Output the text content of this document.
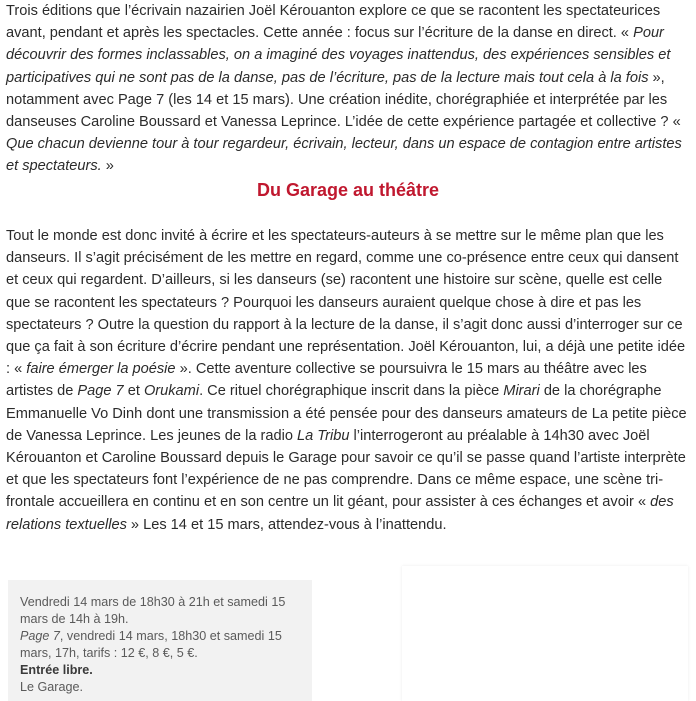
Trois éditions que l’écrivain nazairien Joël Kérouanton explore ce que se racontent les spectateurices avant, pendant et après les spectacles. Cette année : focus sur l’écriture de la danse en direct. « Pour découvrir des formes inclassables, on a imaginé des voyages inattendus, des expériences sensibles et participatives qui ne sont pas de la danse, pas de l’écriture, pas de la lecture mais tout cela à la fois », notamment avec Page 7 (les 14 et 15 mars). Une création inédite, chorégraphiée et interprétée par les danseuses Caroline Boussard et Vanessa Leprince. L’idée de cette expérience partagée et collective ? « Que chacun devienne tour à tour regardeur, écrivain, lecteur, dans un espace de contagion entre artistes et spectateurs. »

Du Garage au théâtre

Tout le monde est donc invité à écrire et les spectateurs-auteurs à se mettre sur le même plan que les danseurs. Il s’agit précisément de les mettre en regard, comme une co-présence entre ceux qui dansent et ceux qui regardent. D’ailleurs, si les danseurs (se) racontent une histoire sur scène, quelle est celle que se racontent les spectateurs ? Pourquoi les danseurs auraient quelque chose à dire et pas les spectateurs ? Outre la question du rapport à la lecture de la danse, il s’agit donc aussi d’interroger sur ce que ça fait à son écriture d’écrire pendant une représentation. Joël Kérouanton, lui, a déjà une petite idée : « faire émerger la poésie ». Cette aventure collective se poursuivra le 15 mars au théâtre avec les artistes de Page 7 et Orukami. Ce rituel chorégraphique inscrit dans la pièce Mirari de la chorégraphe Emmanuelle Vo Dinh dont une transmission a été pensée pour des danseurs amateurs de La petite pièce de Vanessa Leprince. Les jeunes de la radio La Tribu l’interrogeront au préalable à 14h30 avec Joël Kérouanton et Caroline Boussard depuis le Garage pour savoir ce qu’il se passe quand l’artiste interprète et que les spectateurs font l’expérience de ne pas comprendre. Dans ce même espace, une scène tri-frontale accueillera en continu et en son centre un lit géant, pour assister à ces échanges et avoir « des relations textuelles » Les 14 et 15 mars, attendez-vous à l’inattendu.

Vendredi 14 mars de 18h30 à 21h et samedi 15 mars de 14h à 19h.

Page 7, vendredi 14 mars, 18h30 et samedi 15 mars, 17h, tarifs : 12 €, 8 €, 5 €.

Entrée libre.

Le Garage.
